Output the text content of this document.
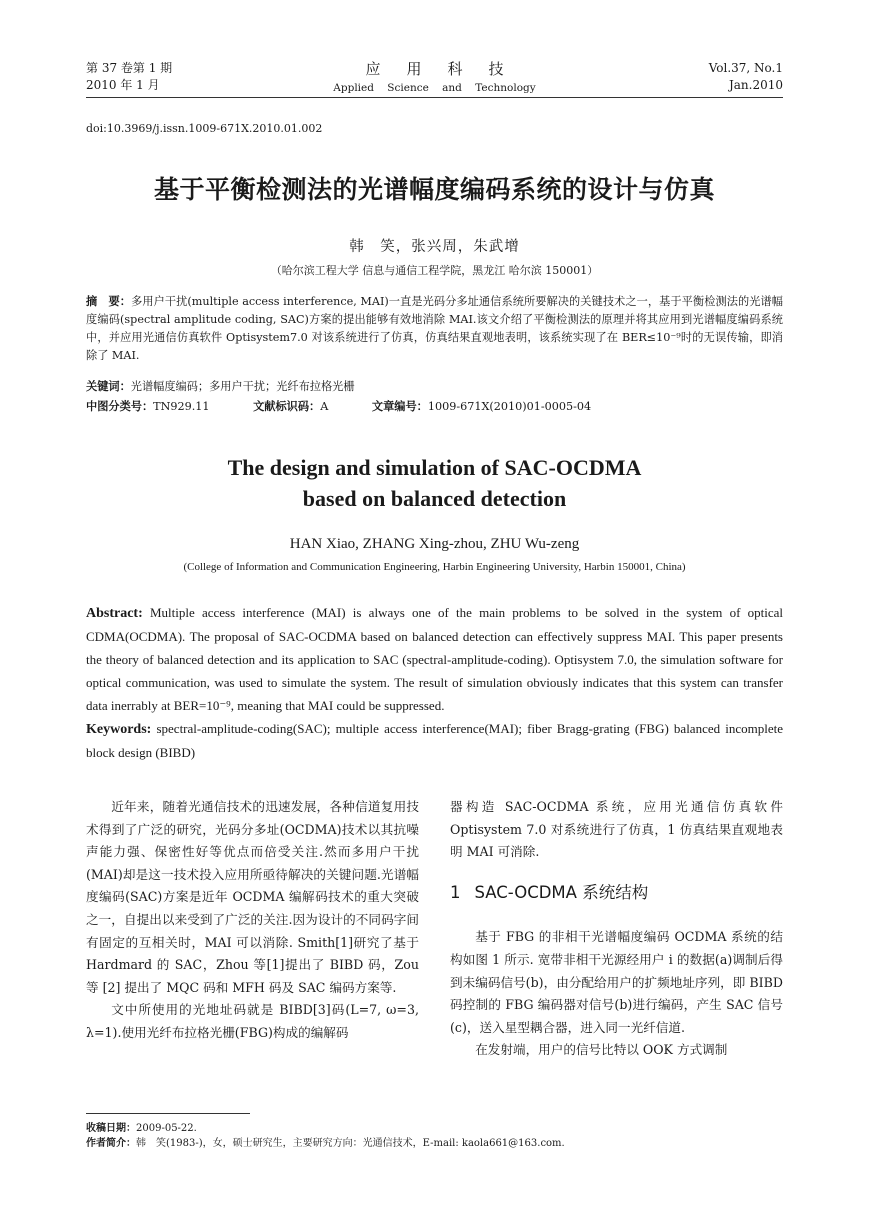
第 37 卷第 1 期
2010 年 1 月
应用科技
Applied Science and Technology
Vol.37, No.1
Jan.2010
doi:10.3969/j.issn.1009-671X.2010.01.002
基于平衡检测法的光谱幅度编码系统的设计与仿真
韩　笑，张兴周，朱武增
（哈尔滨工程大学 信息与通信工程学院，黑龙江 哈尔滨 150001）
摘　要：多用户干扰(multiple access interference, MAI)一直是光码分多址通信系统所要解决的关键技术之一，基于平衡检测法的光谱幅度编码(spectral amplitude coding, SAC)方案的提出能够有效地消除 MAI.该文介绍了平衡检测法的原理并将其应用到光谱幅度编码系统中，并应用光通信仿真软件 Optisystem7.0 对该系统进行了仿真，仿真结果直观地表明，该系统实现了在 BER≤10⁻⁹时的无误传输，即消除了 MAI.
关键词：光谱幅度编码；多用户干扰；光纤布拉格光栅
中图分类号：TN929.11	文献标识码：A	文章编号：1009-671X(2010)01-0005-04
The design and simulation of SAC-OCDMA
based on balanced detection
HAN Xiao, ZHANG Xing-zhou, ZHU Wu-zeng
(College of Information and Communication Engineering, Harbin Engineering University, Harbin 150001, China)
Abstract: Multiple access interference (MAI) is always one of the main problems to be solved in the system of optical CDMA(OCDMA). The proposal of SAC-OCDMA based on balanced detection can effectively suppress MAI. This paper presents the theory of balanced detection and its application to SAC (spectral-amplitude-coding). Optisystem 7.0, the simulation software for optical communication, was used to simulate the system. The result of simulation obviously indicates that this system can transfer data inerrably at BER=10⁻⁹, meaning that MAI could be suppressed.
Keywords: spectral-amplitude-coding(SAC); multiple access interference(MAI); fiber Bragg-grating (FBG) balanced incomplete block design (BIBD)

近年来，随着光通信技术的迅速发展，各种信道复用技术得到了广泛的研究，光码分多址(OCDMA)技术以其抗噪声能力强、保密性好等优点而倍受关注.然而多用户干扰(MAI)却是这一技术投入应用所亟待解决的关键问题.光谱幅度编码(SAC)方案是近年 OCDMA 编解码技术的重大突破之一，自提出以来受到了广泛的关注.因为设计的不同码字间有固定的互相关时，MAI 可以消除. Smith[1]研究了基于 Hardmard 的 SAC，Zhou 等[1]提出了 BIBD 码，Zou 等 [2] 提出了 MQC 码和 MFH 码及 SAC 编码方案等.

文中所使用的光地址码就是 BIBD[3]码(L=7, ω=3, λ=1).使用光纤布拉格光栅(FBG)构成的编解码

器构造 SAC-OCDMA 系统，应用光通信仿真软件 Optisystem 7.0 对系统进行了仿真，1 仿真结果直观地表明 MAI 可消除.

1 SAC-OCDMA 系统结构

基于 FBG 的非相干光谱幅度编码 OCDMA 系统的结构如图 1 所示. 宽带非相干光源经用户 i 的数据(a)调制后得到未编码信号(b)，由分配给用户的扩频地址序列，即 BIBD 码控制的 FBG 编码器对信号(b)进行编码，产生 SAC 信号(c)，送入星型耦合器，进入同一光纤信道.

在发射端，用户的信号比特以 OOK 方式调制

收稿日期：2009-05-22.
作者简介：韩　笑(1983-)，女，硕士研究生，主要研究方向：光通信技术，E-mail: kaola661@163.com.
